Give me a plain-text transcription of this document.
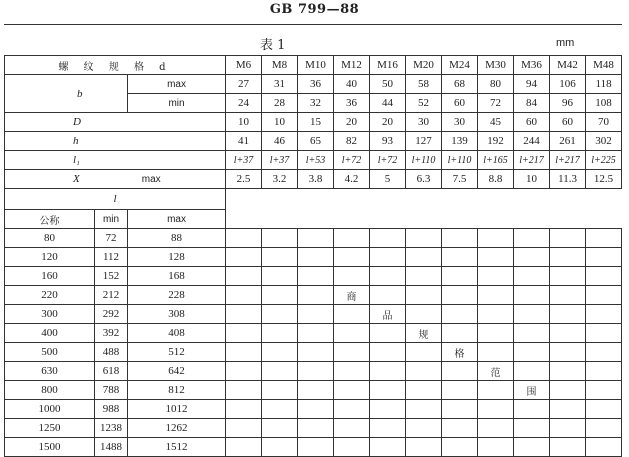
GB 799—88
表 1	mm
螺 纹 规 格 d			M6	M8	M10	M12	M16	M20	M24	M30	M36	M42	M48
b		max	27	31	36	40	50	58	68	80	94	106	118
		min	24	28	32	36	44	52	60	72	84	96	108
D			10	10	15	20	20	30	30	45	60	60	70
h			41	46	65	82	93	127	139	192	244	261	302
l₁			l+37	l+37	l+53	l+72	l+72	l+110	l+110	l+165	l+217	l+217	l+225
X max			2.5	3.2	3.8	4.2	5	6.3	7.5	8.8	10	11.3	12.5
l													
公称	min	max											
80	72	88											
120	112	128											
160	152	168											
220	212	228				商							
300	292	308					品						
400	392	408						规					
500	488	512							格				
630	618	642								范			
800	788	812									围		
1000	988	1012											
1250	1238	1262											
1500	1488	1512											
